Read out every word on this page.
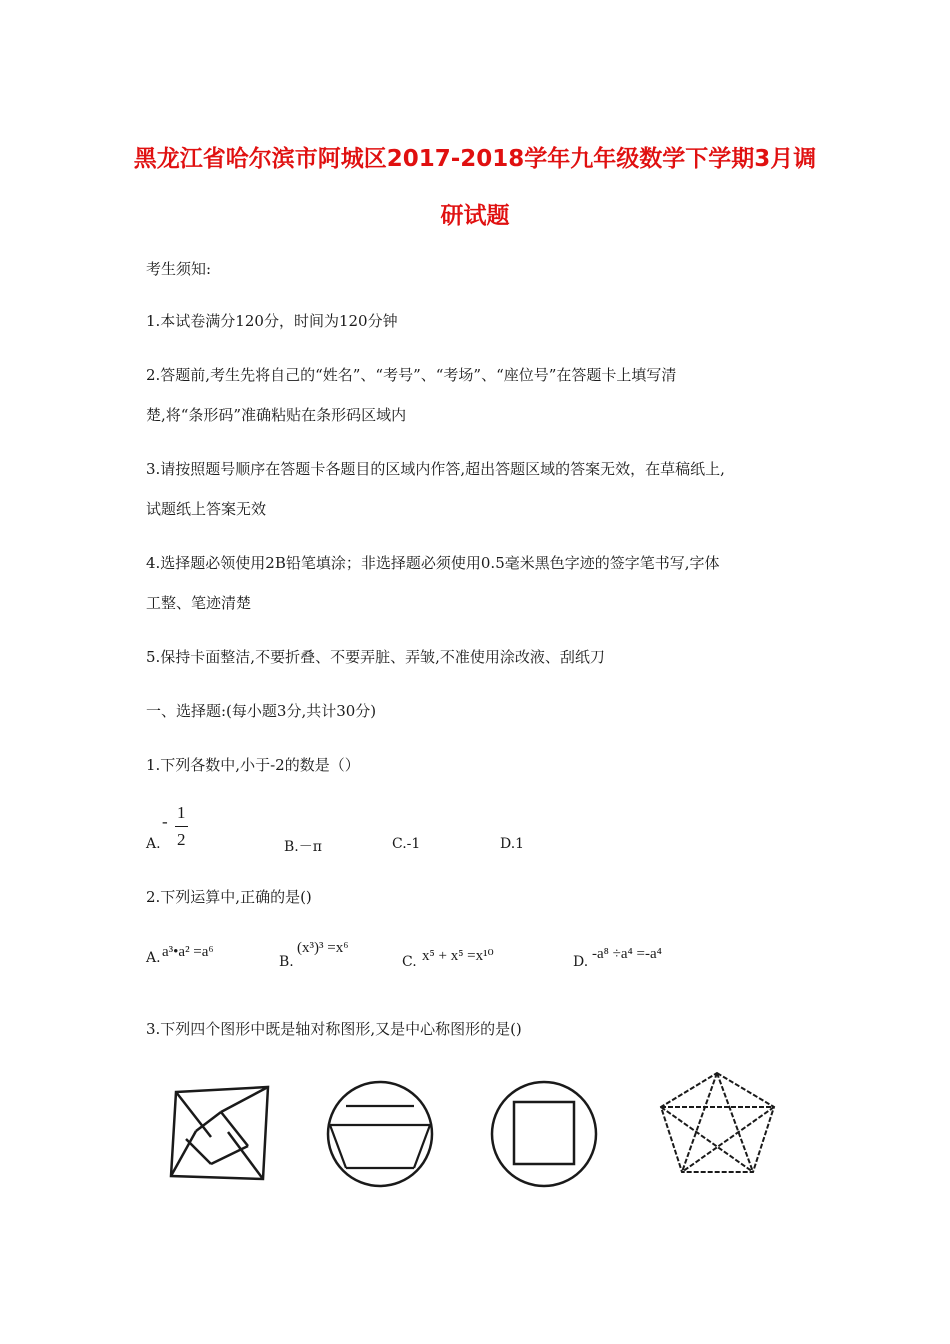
黑龙江省哈尔滨市阿城区2017-2018学年九年级数学下学期3月调
研试题
考生须知:
1.本试卷满分120分，时间为120分钟
2.答题前,考生先将自己的“姓名”、“考号”、“考场”、“座位号”在答题卡上填写清
楚,将“条形码”准确粘贴在条形码区域内
3.请按照题号顺序在答题卡各题目的区域内作答,超出答题区域的答案无效，在草稿纸上,
试题纸上答案无效
4.选择题必领使用2B铅笔填涂；非选择题必须使用0.5毫米黑色字迹的签字笔书写,字体
工整、笔迹清楚
5.保持卡面整洁,不要折叠、不要弄脏、弄皱,不准使用涂改液、刮纸刀
一、选择题:(每小题3分,共计30分)
1.下列各数中,小于-2的数是（）
A.
- 1
2	B.－π	C.-1	D.1
2.下列运算中,正确的是()
A. a³•a² =a⁶
B.
(x³)³ =x⁶
C. x⁵ + x⁵ =x¹⁰	D. -a⁸ ÷a⁴ =-a⁴
3.下列四个图形中既是轴对称图形,又是中心称图形的是()
